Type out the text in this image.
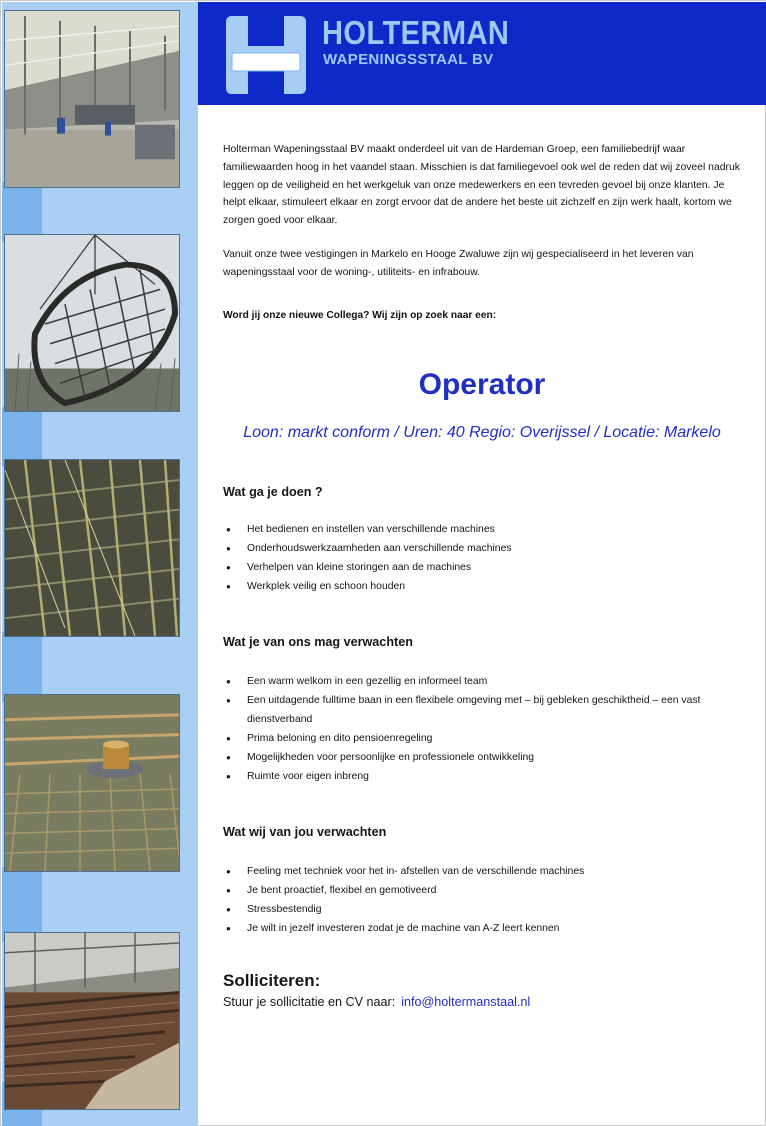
HOLTERMAN
WAPENINGSSTAAL BV

Holterman Wapeningsstaal BV maakt onderdeel uit van de Hardeman Groep, een familiebedrijf waar familiewaarden hoog in het vaandel staan. Misschien is dat familiegevoel ook wel de reden dat wij zoveel nadruk leggen op de veiligheid en het werkgeluk van onze medewerkers en een tevreden gevoel bij onze klanten. Je helpt elkaar, stimuleert elkaar en zorgt ervoor dat de andere het beste uit zichzelf en zijn werk haalt, kortom we zorgen goed voor elkaar.

Vanuit onze twee vestigingen in Markelo en Hooge Zwaluwe zijn wij gespecialiseerd in het leveren van wapeningsstaal voor de woning-, utiliteits- en infrabouw.

Word jij onze nieuwe Collega? Wij zijn op zoek naar een:
Operator
Loon: markt conform / Uren: 40 Regio: Overijssel / Locatie: Markelo
Wat ga je doen ?
● Het bedienen en instellen van verschillende machines
● Onderhoudswerkzaamheden aan verschillende machines
● Verhelpen van kleine storingen aan de machines
● Werkplek veilig en schoon houden
Wat je van ons mag verwachten
● Een warm welkom in een gezellig en informeel team
● Een uitdagende fulltime baan in een flexibele omgeving met – bij gebleken geschiktheid – een vast dienstverband
● Prima beloning en dito pensioenregeling
● Mogelijkheden voor persoonlijke en professionele ontwikkeling
● Ruimte voor eigen inbreng
Wat wij van jou verwachten
● Feeling met techniek voor het in- afstellen van de verschillende machines
● Je bent proactief, flexibel en gemotiveerd
● Stressbestendig
● Je wilt in jezelf investeren zodat je de machine van A-Z leert kennen
Solliciteren:
Stuur je sollicitatie en CV naar: info@holtermanstaal.nl
